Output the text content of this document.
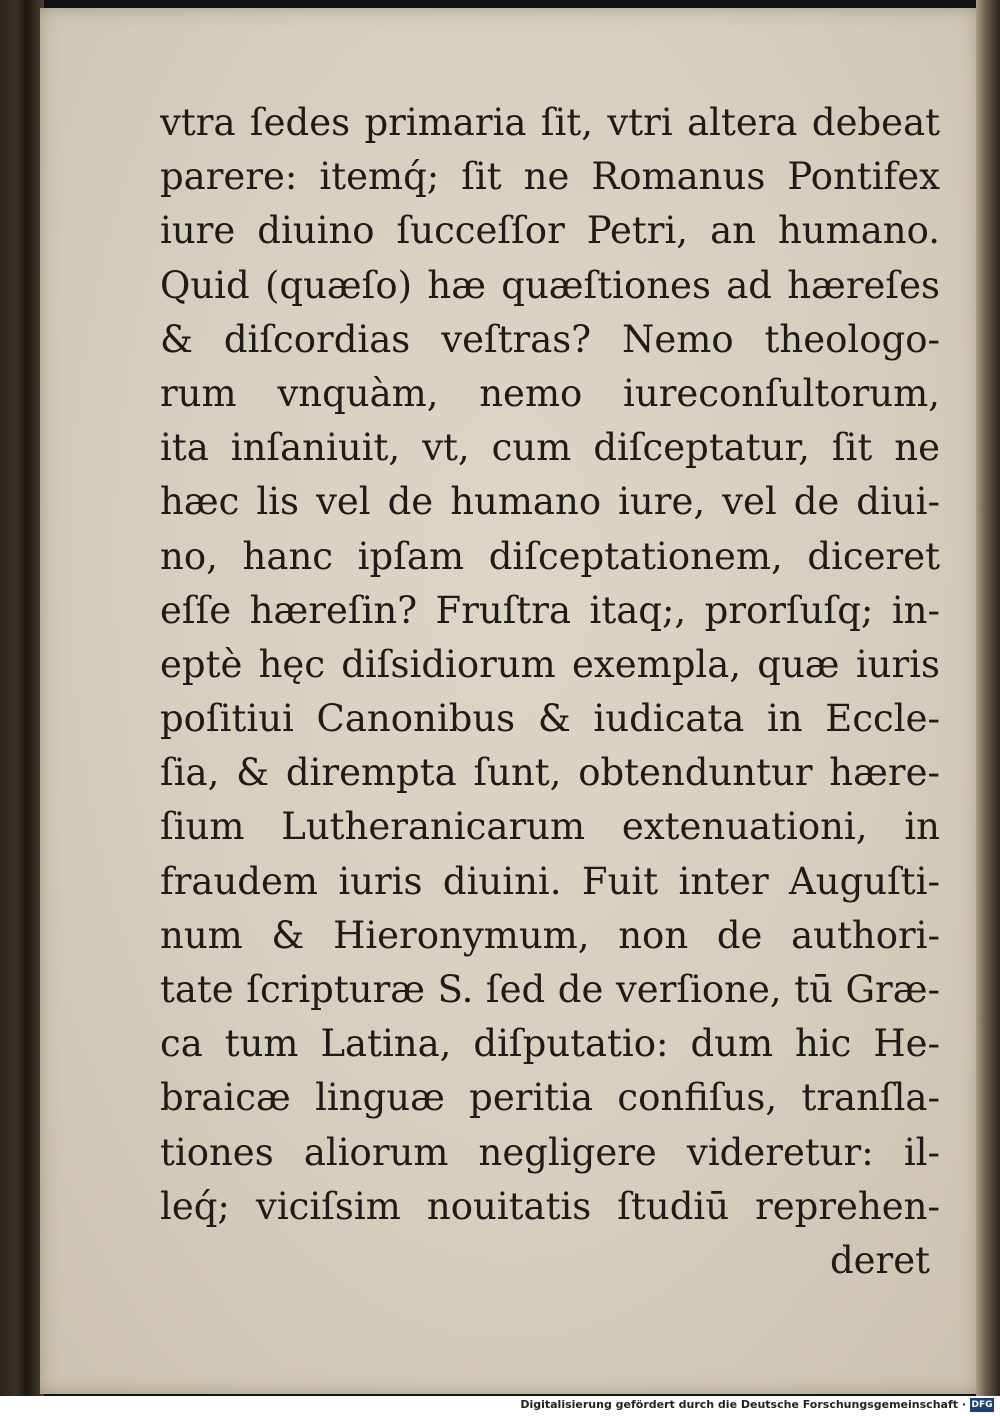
vtra ſedes primaria ſit, vtri altera debeat
parere: itemq́; ſit ne Romanus Pontifex
iure diuino ſucceſſor Petri, an humano.
Quid (quæſo) hæ quæſtiones ad hæreſes
& diſcordias veſtras? Nemo theologo-
rum vnquàm, nemo iureconſultorum,
ita inſaniuit, vt, cum diſceptatur, ſit ne
hæc lis vel de humano iure, vel de diui-
no, hanc ipſam diſceptationem, diceret
eſſe hæreſin? Fruſtra itaq;, prorſuſq; in-
eptè hęc diſsidiorum exempla, quæ iuris
poſitiui Canonibus & iudicata in Eccle-
ſia, & dirempta ſunt, obtenduntur hære-
ſium Lutheranicarum extenuationi, in
fraudem iuris diuini. Fuit inter Auguſti-
num & Hieronymum, non de authori-
tate ſcripturæ S. ſed de verſione, tū Græ-
ca tum Latina, diſputatio: dum hic He-
braicæ linguæ peritia confiſus, tranſla-
tiones aliorum negligere videretur: il-
leq́; viciſsim nouitatis ſtudiū reprehen-
deret
Digitalisierung gefördert durch die Deutsche Forschungsgemeinschaft · DFG
